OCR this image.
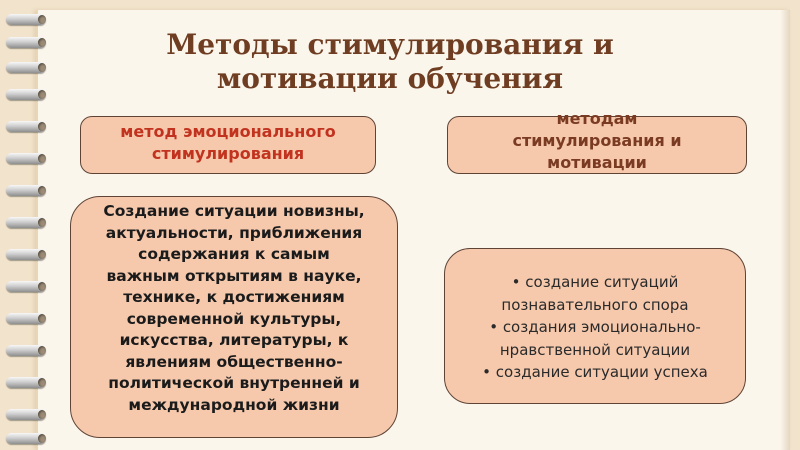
Методы стимулирования и
мотивации обучения
метод эмоционального
стимулирования
методам
стимулирования и
мотивации

Создание ситуации новизны,
актуальности, приближения
содержания к самым
важным открытиям в науке,
технике, к достижениям
современной культуры,
искусства, литературы, к
явлениям общественно-
политической внутренней и
международной жизни

• создание ситуаций
познавательного спора
• создания эмоционально-
нравственной ситуации
• создание ситуации успеха
